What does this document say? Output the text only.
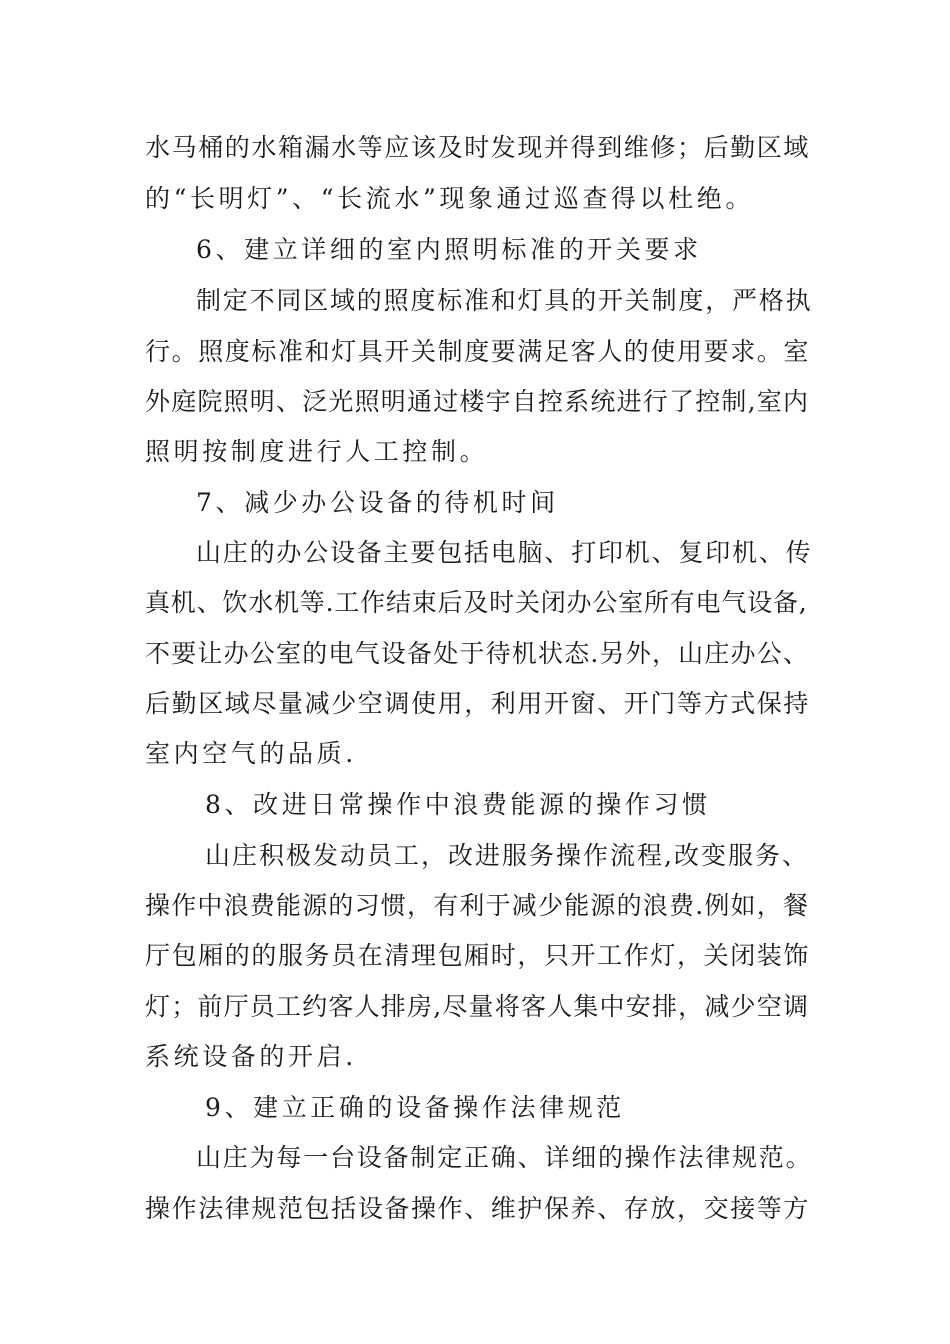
水马桶的水箱漏水等应该及时发现并得到维修；后勤区域
的“长明灯”、“长流水”现象通过巡查得以杜绝。
6、建立详细的室内照明标准的开关要求
制定不同区域的照度标准和灯具的开关制度，严格执
行。照度标准和灯具开关制度要满足客人的使用要求。室
外庭院照明、泛光照明通过楼宇自控系统进行了控制,室内
照明按制度进行人工控制。
7、减少办公设备的待机时间
山庄的办公设备主要包括电脑、打印机、复印机、传
真机、饮水机等.工作结束后及时关闭办公室所有电气设备,
不要让办公室的电气设备处于待机状态.另外，山庄办公、
后勤区域尽量减少空调使用，利用开窗、开门等方式保持
室内空气的品质.
8、改进日常操作中浪费能源的操作习惯
山庄积极发动员工，改进服务操作流程,改变服务、
操作中浪费能源的习惯，有利于减少能源的浪费.例如，餐
厅包厢的的服务员在清理包厢时，只开工作灯，关闭装饰
灯；前厅员工约客人排房,尽量将客人集中安排，减少空调
系统设备的开启.
9、建立正确的设备操作法律规范
山庄为每一台设备制定正确、详细的操作法律规范。
操作法律规范包括设备操作、维护保养、存放，交接等方
